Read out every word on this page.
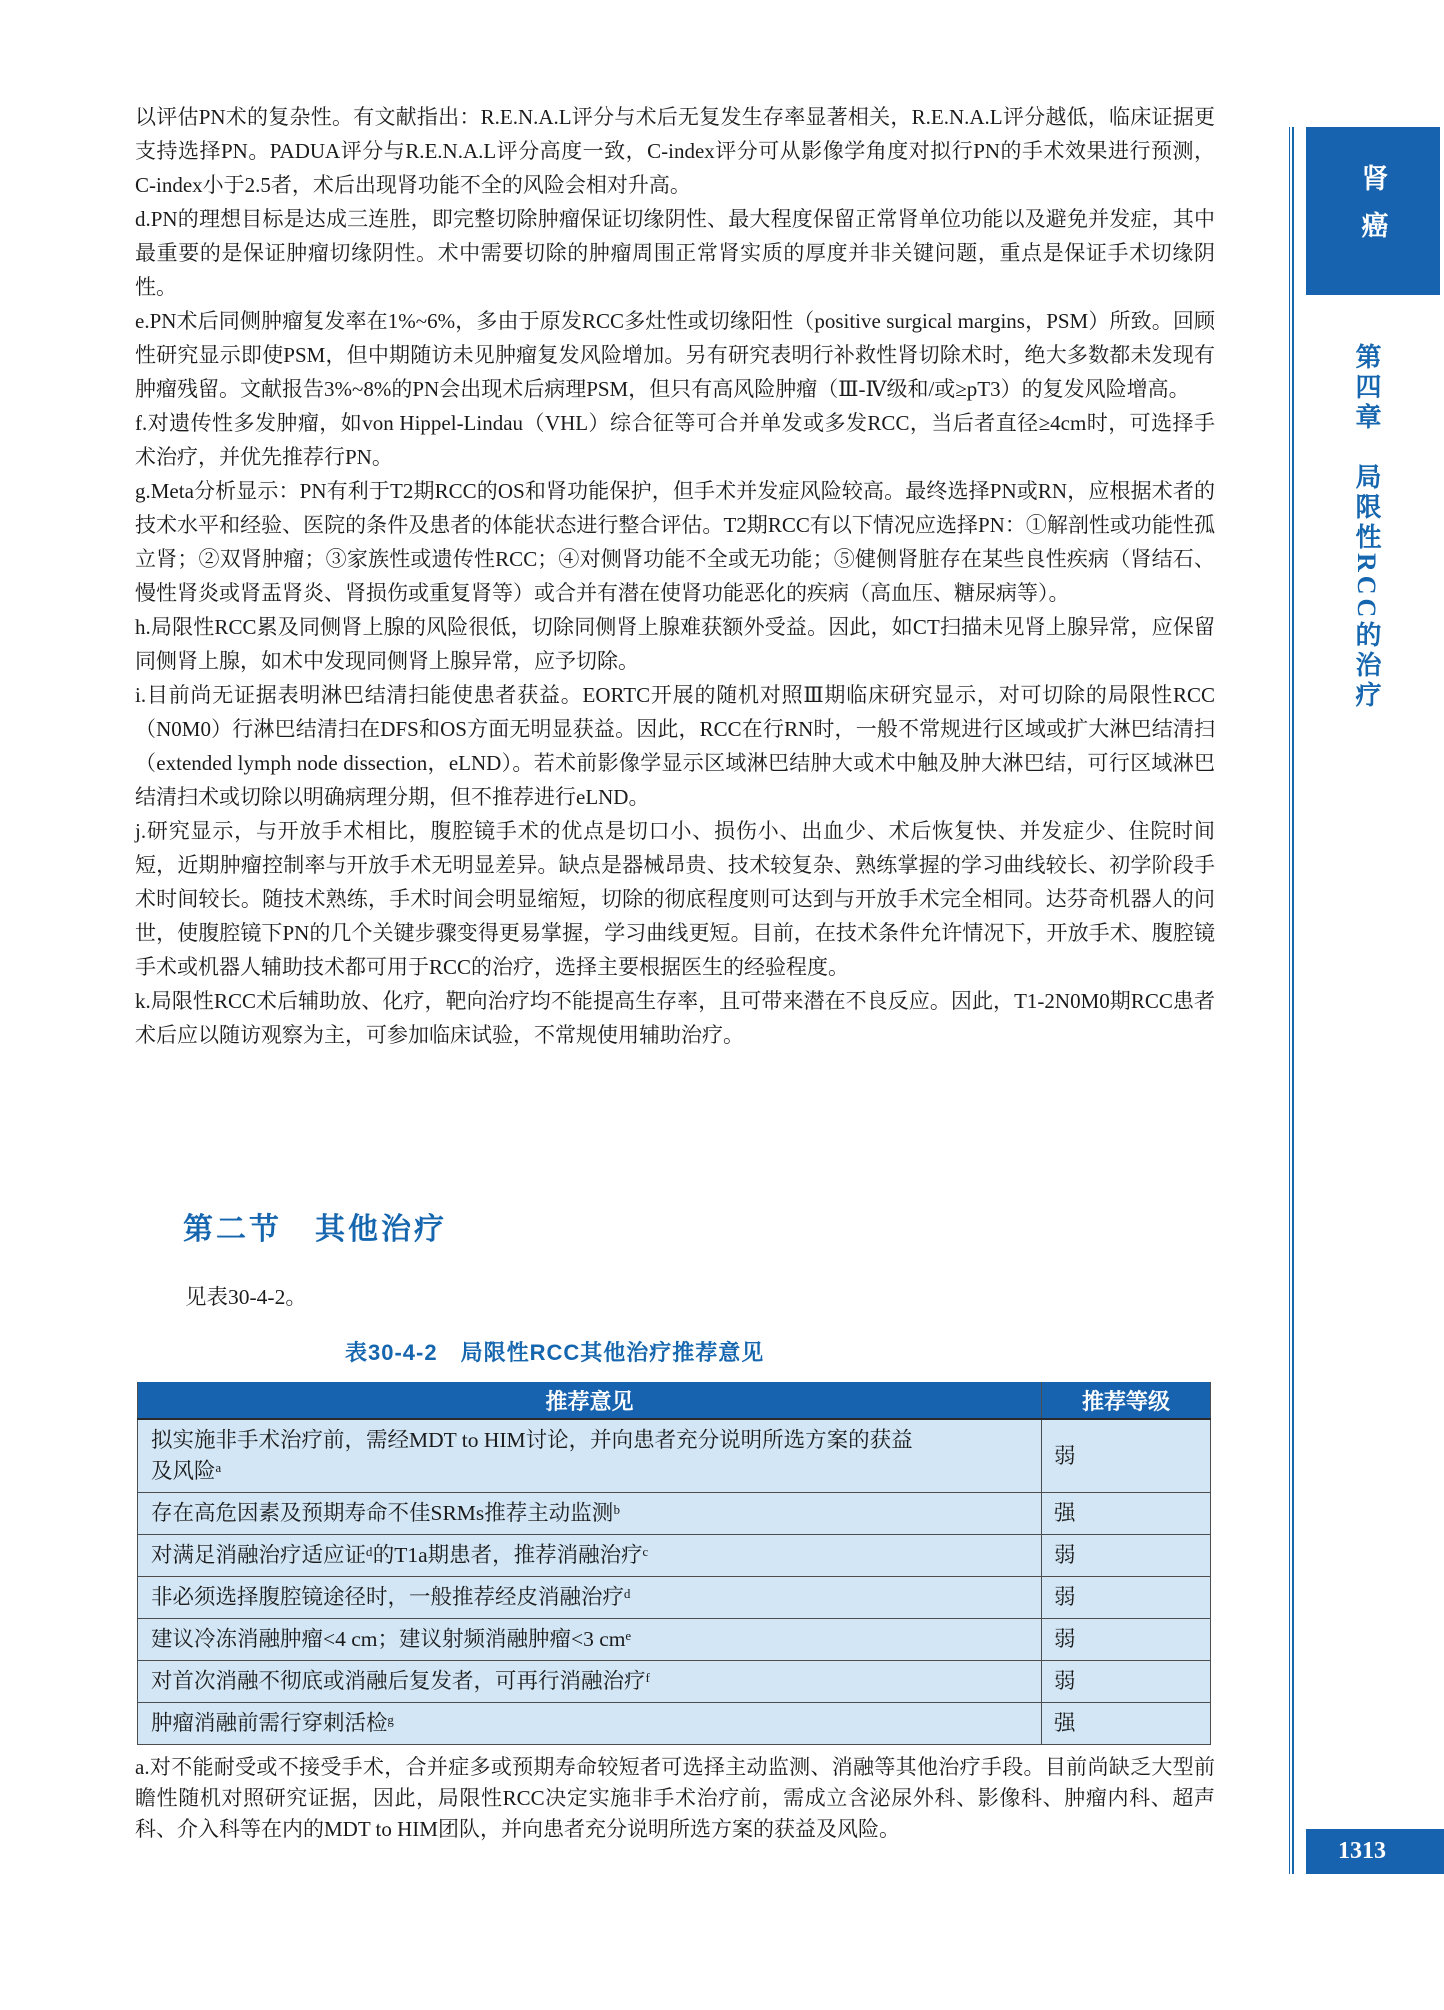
以评估PN术的复杂性。有文献指出：R.E.N.A.L评分与术后无复发生存率显著相关，R.E.N.A.L评分越低，临床证据更支持选择PN。PADUA评分与R.E.N.A.L评分高度一致，C-index评分可从影像学角度对拟行PN的手术效果进行预测，C-index小于2.5者，术后出现肾功能不全的风险会相对升高。

d.PN的理想目标是达成三连胜，即完整切除肿瘤保证切缘阴性、最大程度保留正常肾单位功能以及避免并发症，其中最重要的是保证肿瘤切缘阴性。术中需要切除的肿瘤周围正常肾实质的厚度并非关键问题，重点是保证手术切缘阴性。

e.PN术后同侧肿瘤复发率在1%~6%，多由于原发RCC多灶性或切缘阳性（positive surgical margins，PSM）所致。回顾性研究显示即使PSM，但中期随访未见肿瘤复发风险增加。另有研究表明行补救性肾切除术时，绝大多数都未发现有肿瘤残留。文献报告3%~8%的PN会出现术后病理PSM，但只有高风险肿瘤（Ⅲ-Ⅳ级和/或≥pT3）的复发风险增高。

f.对遗传性多发肿瘤，如von Hippel-Lindau（VHL）综合征等可合并单发或多发RCC，当后者直径≥4cm时，可选择手术治疗，并优先推荐行PN。

g.Meta分析显示：PN有利于T2期RCC的OS和肾功能保护，但手术并发症风险较高。最终选择PN或RN，应根据术者的技术水平和经验、医院的条件及患者的体能状态进行整合评估。T2期RCC有以下情况应选择PN：①解剖性或功能性孤立肾；②双肾肿瘤；③家族性或遗传性RCC；④对侧肾功能不全或无功能；⑤健侧肾脏存在某些良性疾病（肾结石、慢性肾炎或肾盂肾炎、肾损伤或重复肾等）或合并有潜在使肾功能恶化的疾病（高血压、糖尿病等）。

h.局限性RCC累及同侧肾上腺的风险很低，切除同侧肾上腺难获额外受益。因此，如CT扫描未见肾上腺异常，应保留同侧肾上腺，如术中发现同侧肾上腺异常，应予切除。

i.目前尚无证据表明淋巴结清扫能使患者获益。EORTC开展的随机对照Ⅲ期临床研究显示，对可切除的局限性RCC（N0M0）行淋巴结清扫在DFS和OS方面无明显获益。因此，RCC在行RN时，一般不常规进行区域或扩大淋巴结清扫（extended lymph node dissection，eLND）。若术前影像学显示区域淋巴结肿大或术中触及肿大淋巴结，可行区域淋巴结清扫术或切除以明确病理分期，但不推荐进行eLND。

j.研究显示，与开放手术相比，腹腔镜手术的优点是切口小、损伤小、出血少、术后恢复快、并发症少、住院时间短，近期肿瘤控制率与开放手术无明显差异。缺点是器械昂贵、技术较复杂、熟练掌握的学习曲线较长、初学阶段手术时间较长。随技术熟练，手术时间会明显缩短，切除的彻底程度则可达到与开放手术完全相同。达芬奇机器人的问世，使腹腔镜下PN的几个关键步骤变得更易掌握，学习曲线更短。目前，在技术条件允许情况下，开放手术、腹腔镜手术或机器人辅助技术都可用于RCC的治疗，选择主要根据医生的经验程度。

k.局限性RCC术后辅助放、化疗，靶向治疗均不能提高生存率，且可带来潜在不良反应。因此，T1-2N0M0期RCC患者术后应以随访观察为主，可参加临床试验，不常规使用辅助治疗。

第二节　其他治疗

见表30-4-2。

表30-4-2　局限性RCC其他治疗推荐意见
推荐意见	推荐等级
拟实施非手术治疗前，需经MDT to HIM讨论，并向患者充分说明所选方案的获益及风险ᵃ	弱
存在高危因素及预期寿命不佳SRMs推荐主动监测ᵇ	强
对满足消融治疗适应证ᵈ的T1a期患者，推荐消融治疗ᶜ	弱
非必须选择腹腔镜途径时，一般推荐经皮消融治疗ᵈ	弱
建议冷冻消融肿瘤<4 cm；建议射频消融肿瘤<3 cmᵉ	弱
对首次消融不彻底或消融后复发者，可再行消融治疗ᶠ	弱
肿瘤消融前需行穿刺活检ᵍ	强

a.对不能耐受或不接受手术，合并症多或预期寿命较短者可选择主动监测、消融等其他治疗手段。目前尚缺乏大型前瞻性随机对照研究证据，因此，局限性RCC决定实施非手术治疗前，需成立含泌尿外科、影像科、肿瘤内科、超声科、介入科等在内的MDT to HIM团队，并向患者充分说明所选方案的获益及风险。

肾癌
第四章　局限性RCC的治疗
1313
